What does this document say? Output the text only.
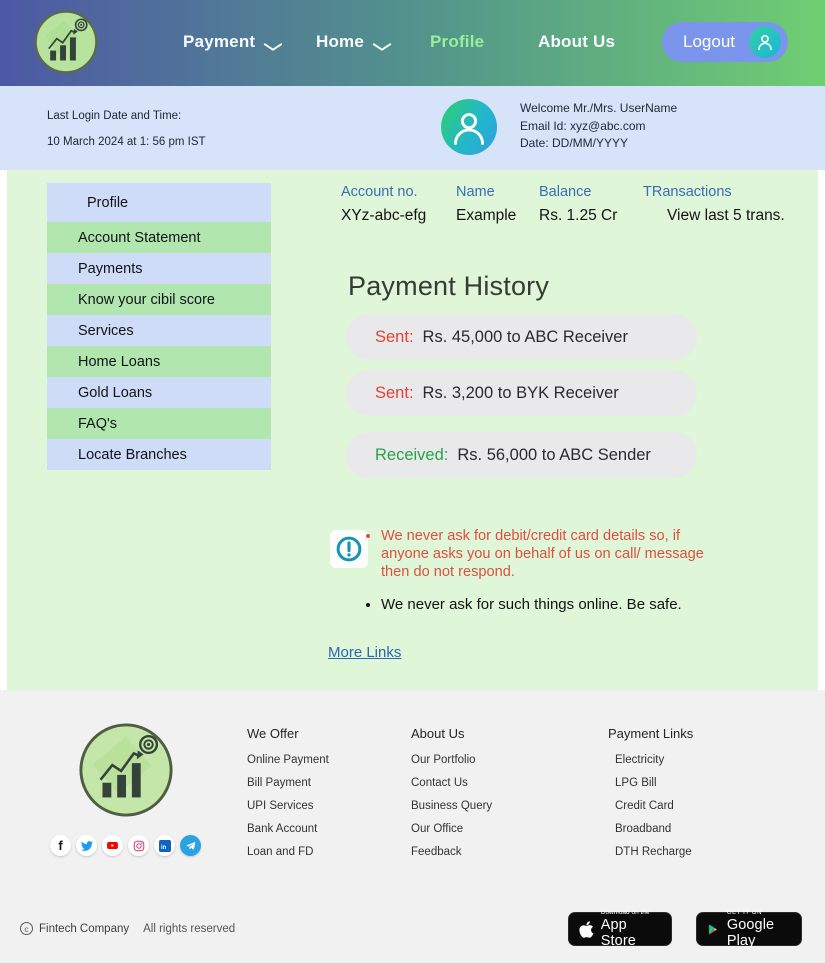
Payment	Home	Profile	About Us	Logout
Last Login Date and Time:
10 March 2024 at 1: 56 pm IST
Welcome Mr./Mrs. UserName
Email Id: xyz@abc.com
Date: DD/MM/YYYY
Profile
Account Statement
Payments
Know your cibil score
Services
Home Loans
Gold Loans
FAQ's
Locate Branches
Account no.	Name	Balance	TRansactions
XYz-abc-efg	Example	Rs. 1.25 Cr	View last 5 trans.
Payment History
Sent: Rs. 45,000 to ABC Receiver
Sent: Rs. 3,200 to BYK Receiver
Received: Rs. 56,000 to ABC Sender
• We never ask for debit/credit card details so, if anyone asks you on behalf of us on call/ message then do not respond.
• We never ask for such things online. Be safe.
More Links
f	in
We Offer
Online Payment
Bill Payment
UPI Services
Bank Account
Loan and FD
About Us
Our Portfolio
Contact Us
Business Query
Our Office
Feedback
Payment Links
Electricity
LPG Bill
Credit Card
Broadband
DTH Recharge
c Fintech Company All rights reserved
Download on the
App Store
GET IT ON
Google Play
